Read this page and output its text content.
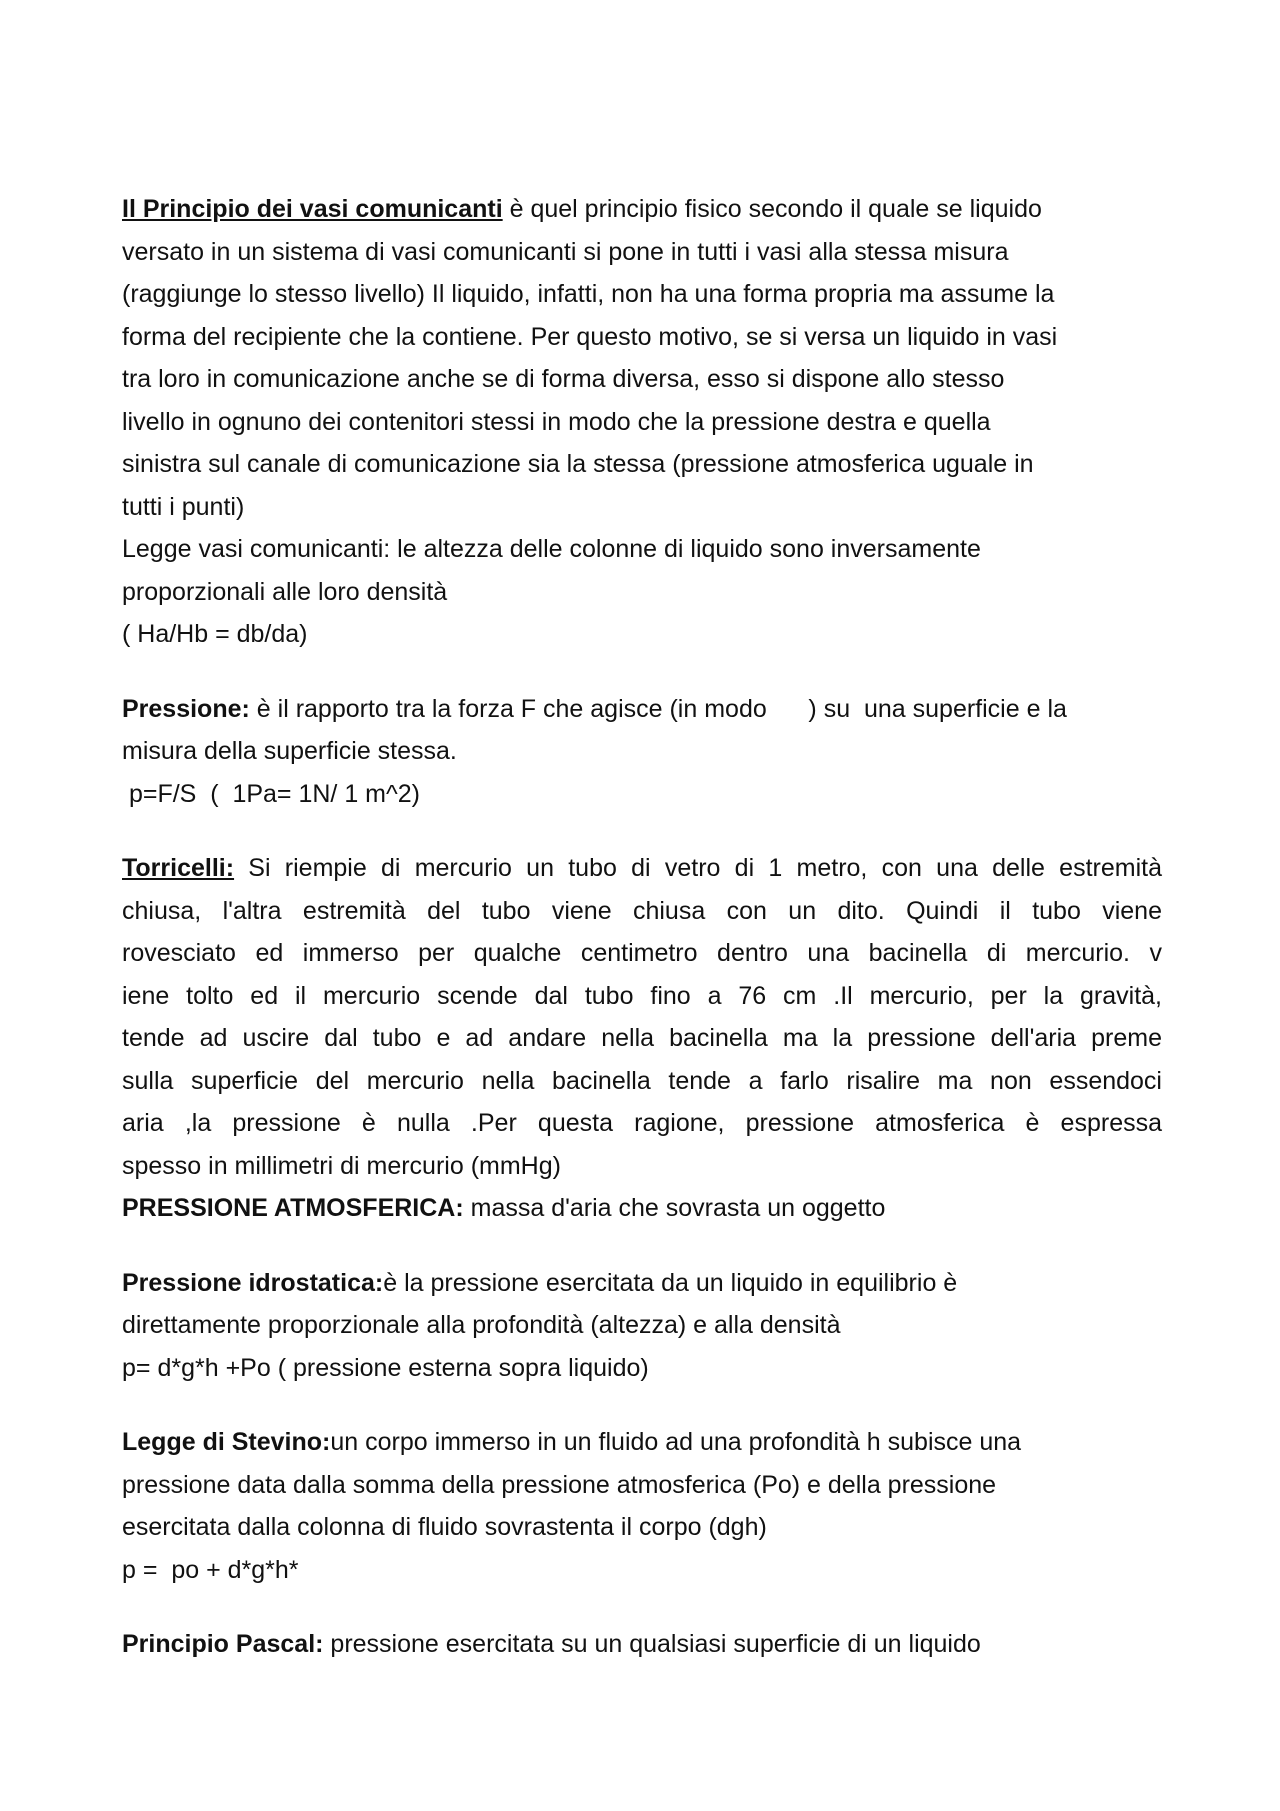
Il Principio dei vasi comunicanti è quel principio fisico secondo il quale se liquido
versato in un sistema di vasi comunicanti si pone in tutti i vasi alla stessa misura
(raggiunge lo stesso livello) Il liquido, infatti, non ha una forma propria ma assume la
forma del recipiente che la contiene. Per questo motivo, se si versa un liquido in vasi
tra loro in comunicazione anche se di forma diversa, esso si dispone allo stesso
livello in ognuno dei contenitori stessi in modo che la pressione destra e quella
sinistra sul canale di comunicazione sia la stessa (pressione atmosferica uguale in
tutti i punti)
Legge vasi comunicanti: le altezza delle colonne di liquido sono inversamente
proporzionali alle loro densità
( Ha/Hb = db/da)
Pressione: è il rapporto tra la forza F che agisce (in modo      ) su  una superficie e la
misura della superficie stessa.
p=F/S  (  1Pa= 1N/ 1 m^2)
Torricelli: Si riempie di mercurio un tubo di vetro di 1 metro, con una delle estremità
chiusa, l'altra estremità del tubo viene chiusa con un dito. Quindi il tubo viene
rovesciato ed immerso per qualche centimetro dentro una bacinella di mercurio. v
iene tolto ed il mercurio scende dal tubo fino a 76 cm .Il mercurio, per la gravità,
tende ad uscire dal tubo e ad andare nella bacinella ma la pressione dell'aria preme
sulla superficie del mercurio nella bacinella tende a farlo risalire ma non essendoci
aria ,la pressione è nulla .Per questa ragione, pressione atmosferica è espressa
spesso in millimetri di mercurio (mmHg)
PRESSIONE ATMOSFERICA: massa d'aria che sovrasta un oggetto
Pressione idrostatica:è la pressione esercitata da un liquido in equilibrio è
direttamente proporzionale alla profondità (altezza) e alla densità
p= d*g*h +Po ( pressione esterna sopra liquido)
Legge di Stevino:un corpo immerso in un fluido ad una profondità h subisce una
pressione data dalla somma della pressione atmosferica (Po) e della pressione
esercitata dalla colonna di fluido sovrastenta il corpo (dgh)
p =  po + d*g*h*
Principio Pascal: pressione esercitata su un qualsiasi superficie di un liquido
